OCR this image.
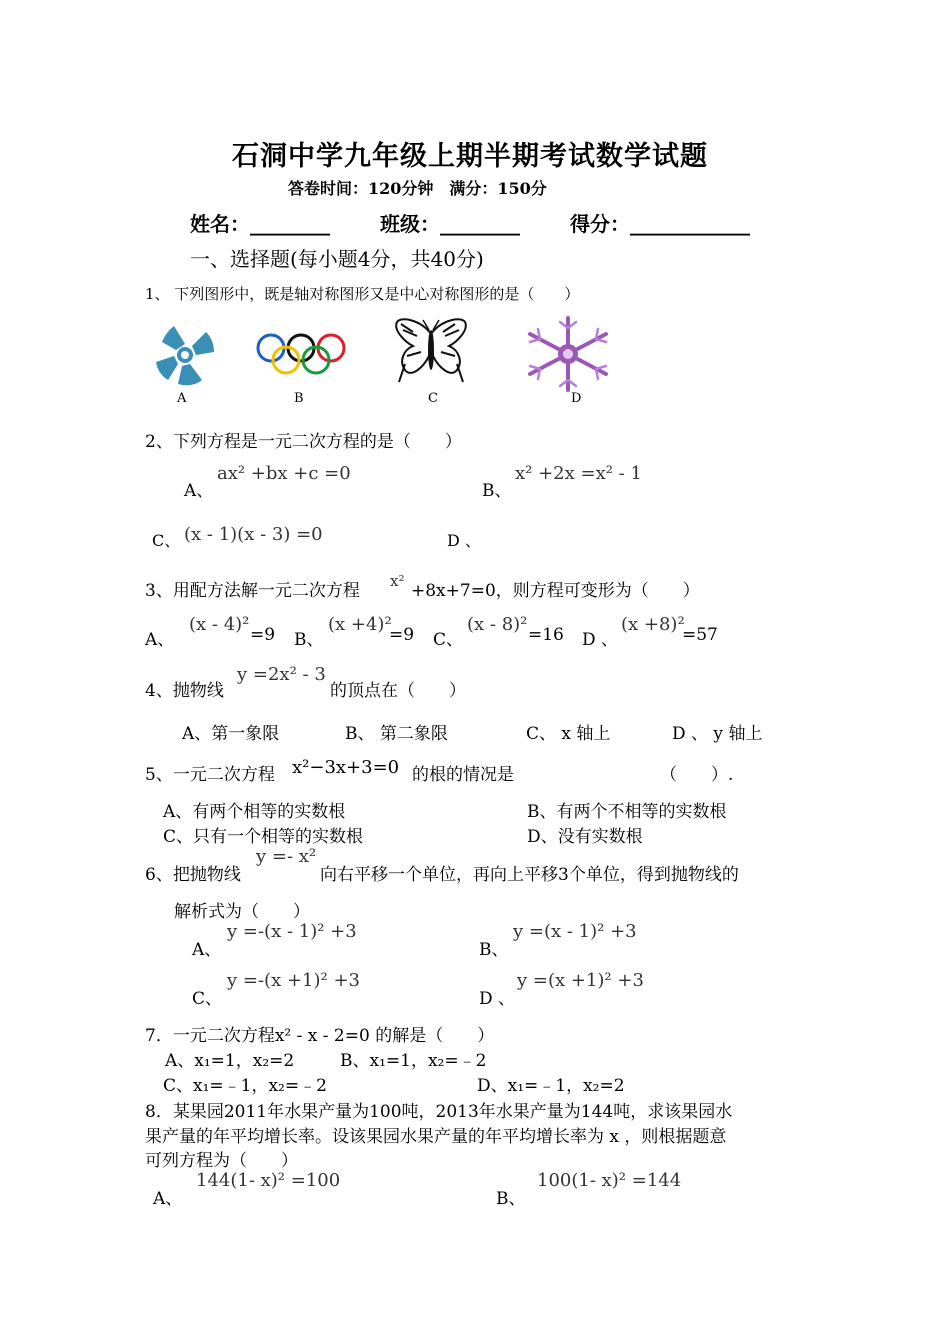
石洞中学九年级上期半期考试数学试题
答卷时间：120分钟　满分：150分
姓名：________	班级：________	得分：____________
一、选择题(每小题4分，共40分)
1、 下列图形中，既是轴对称图形又是中心对称图形的是（　　）
A	B	C	D
2、下列方程是一元二次方程的是（　　）
A、
ax² +bx +c =0
B、
x² +2x =x² - 1
C、 (x - 1)(x - 3) =0	D 、
3、用配方法解一元二次方程 x² +8x+7=0，则方程可变形为（　　）
A、
(x - 4)² =9 B、
(x +4)²
=9 C、
(x - 8)² =16 D 、
(x +8)²
=57
4、抛物线
y =2x² - 3
的顶点在（　　）
A、第一象限	B、 第二象限	C、 x 轴上	D 、 y 轴上
5、一元二次方程 x²−3x+3=0 的根的情况是	（　　）.
A、有两个相等的实数根	B、有两个不相等的实数根
C、只有一个相等的实数根	D、没有实数根
6、把抛物线
y =- x²
向右平移一个单位，再向上平移3个单位，得到抛物线的
解析式为（　　）
A、
y =-(x - 1)² +3
B、
y =(x - 1)² +3
C、
y =-(x +1)² +3
D 、
y =(x +1)² +3
7．一元二次方程x² - x - 2=0 的解是（　　）
A、x₁=1，x₂=2	B、x₁=1，x₂=﹣2
C、x₁=﹣1，x₂=﹣2	D、x₁=﹣1，x₂=2
8．某果园2011年水果产量为100吨，2013年水果产量为144吨，求该果园水
果产量的年平均增长率。设该果园水果产量的年平均增长率为 x ，则根据题意
可列方程为（　　）
A、
144(1- x)² =100
B、
100(1- x)² =144
